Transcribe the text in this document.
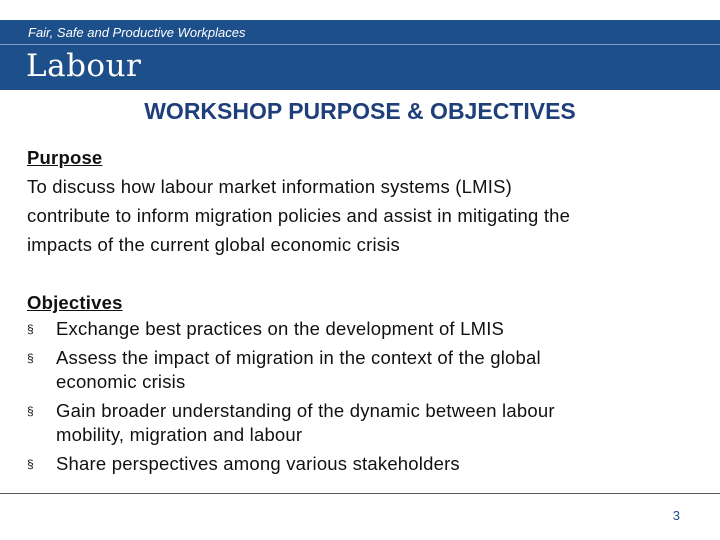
Fair, Safe and Productive Workplaces
Labour
WORKSHOP PURPOSE & OBJECTIVES
Purpose
To discuss how labour market information systems (LMIS)
contribute to inform migration policies and assist in mitigating the
impacts of the current global economic crisis
Objectives
§ Exchange best practices on the development of LMIS
§ Assess the impact of migration in the context of the global
economic crisis
§ Gain broader understanding of the dynamic between labour
mobility, migration and labour
§ Share perspectives among various stakeholders
3
